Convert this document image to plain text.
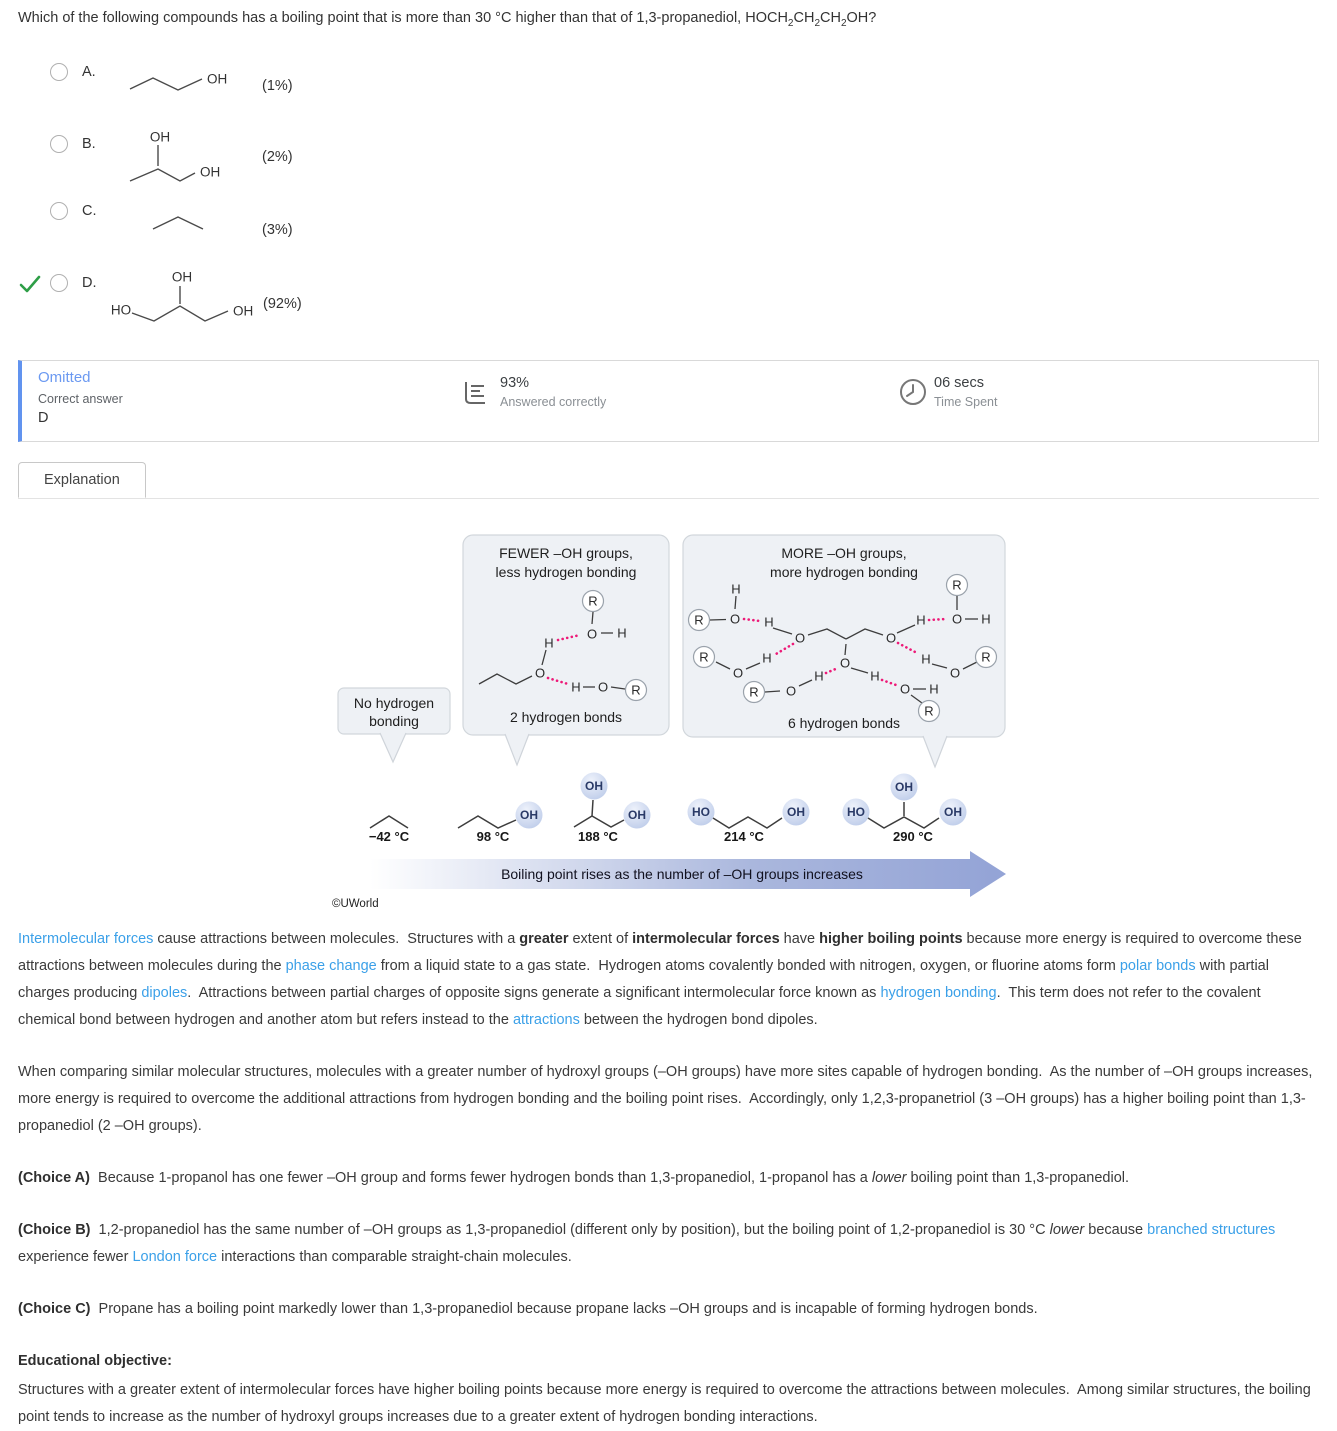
Which of the following compounds has a boiling point that is more than 30 °C higher than that of 1,3-propanediol, $HOCH_2CH_2CH_2OH$?
A.	OH (1%)
B.	OH
OH
(2%)
C.
(3%)
D.	OH
HO	OH (92%)
Omitted
Correct answer
D
93%
Answered correctly
06 secs
Time Spent
Explanation
No hydrogen
bonding
FEWER –OH groups,
less hydrogen bonding
R
O H
H
O
H O R
2 hydrogen bonds
MORE –OH groups,
more hydrogen bonding
H
R O H
O
O
O
H
O
R
R O
H	H
O H
R
H
O
R
H O H
R
6 hydrogen bonds
−42 °C
OH
98 °C
OH
OH
188 °C
HO	OH
214 °C
HO
OH
OH
290 °C
Boiling point rises as the number of –OH groups increases
©UWorld

Intermolecular forces cause attractions between molecules.  Structures with a greater extent of intermolecular forces have higher boiling points because more energy is required to overcome these attractions between molecules during the phase change from a liquid state to a gas state.  Hydrogen atoms covalently bonded with nitrogen, oxygen, or fluorine atoms form polar bonds with partial charges producing dipoles.  Attractions between partial charges of opposite signs generate a significant intermolecular force known as hydrogen bonding.  This term does not refer to the covalent chemical bond between hydrogen and another atom but refers instead to the attractions between the hydrogen bond dipoles.

When comparing similar molecular structures, molecules with a greater number of hydroxyl groups (–OH groups) have more sites capable of hydrogen bonding.  As the number of –OH groups increases, more energy is required to overcome the additional attractions from hydrogen bonding and the boiling point rises.  Accordingly, only 1,2,3-propanetriol (3 –OH groups) has a higher boiling point than 1,3-propanediol (2 –OH groups).

(Choice A)  Because 1-propanol has one fewer –OH group and forms fewer hydrogen bonds than 1,3-propanediol, 1-propanol has a lower boiling point than 1,3-propanediol.

(Choice B)  1,2-propanediol has the same number of –OH groups as 1,3-propanediol (different only by position), but the boiling point of 1,2-propanediol is 30 °C lower because branched structures experience fewer London force interactions than comparable straight-chain molecules.

(Choice C)  Propane has a boiling point markedly lower than 1,3-propanediol because propane lacks –OH groups and is incapable of forming hydrogen bonds.

Educational objective:

Structures with a greater extent of intermolecular forces have higher boiling points because more energy is required to overcome the attractions between molecules.  Among similar structures, the boiling point tends to increase as the number of hydroxyl groups increases due to a greater extent of hydrogen bonding interactions.
